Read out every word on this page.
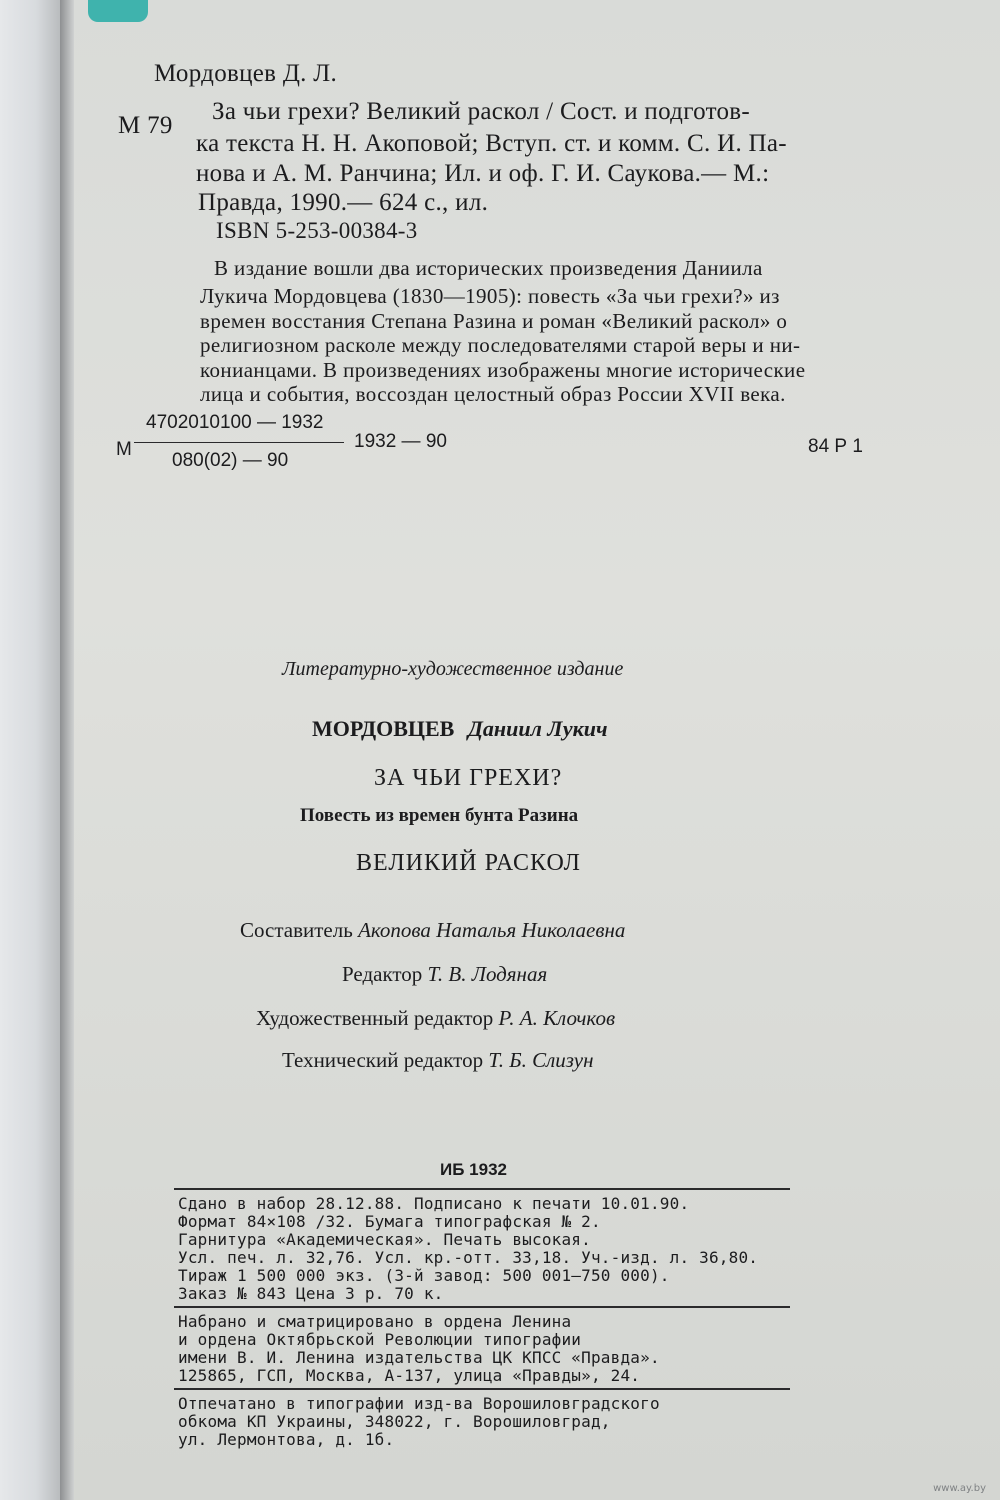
Мордовцев Д. Л.
М 79
За чьи грехи? Великий раскол / Сост. и подготов-
ка текста Н. Н. Акоповой; Вступ. ст. и комм. С. И. Па-
нова и А. М. Ранчина; Ил. и оф. Г. И. Саукова.— М.:
Правда, 1990.— 624 с., ил.
ISBN 5-253-00384-3
В издание вошли два исторических произведения Даниила
Лукича Мордовцева (1830—1905): повесть «За чьи грехи?» из
времен восстания Степана Разина и роман «Великий раскол» о
религиозном расколе между последователями старой веры и ни-
конианцами. В произведениях изображены многие исторические
лица и события, воссоздан целостный образ России XVII века.
М
4702010100 — 1932
080(02) — 90
1932 — 90	84 Р 1
Литературно-художественное издание
МОРДОВЦЕВ Даниил Лукич
ЗА ЧЬИ ГРЕХИ?
Повесть из времен бунта Разина
ВЕЛИКИЙ РАСКОЛ
Составитель Акопова Наталья Николаевна
Редактор Т. В. Лодяная
Художественный редактор Р. А. Клочков
Технический редактор Т. Б. Слизун
ИБ 1932
Сдано в набор 28.12.88. Подписано к печати 10.01.90.
Формат 84×108 /32. Бумага типографская № 2.
Гарнитура «Академическая». Печать высокая.
Усл. печ. л. 32,76. Усл. кр.-отт. 33,18. Уч.-изд. л. 36,80.
Тираж 1 500 000 экз. (3-й завод: 500 001—750 000).
Заказ № 843 Цена 3 р. 70 к.
Набрано и сматрицировано в ордена Ленина
и ордена Октябрьской Революции типографии
имени В. И. Ленина издательства ЦК КПСС «Правда».
125865, ГСП, Москва, А-137, улица «Правды», 24.
Отпечатано в типографии изд-ва Ворошиловградского
обкома КП Украины, 348022, г. Ворошиловград,
ул. Лермонтова, д. 1б.
www.ay.by
